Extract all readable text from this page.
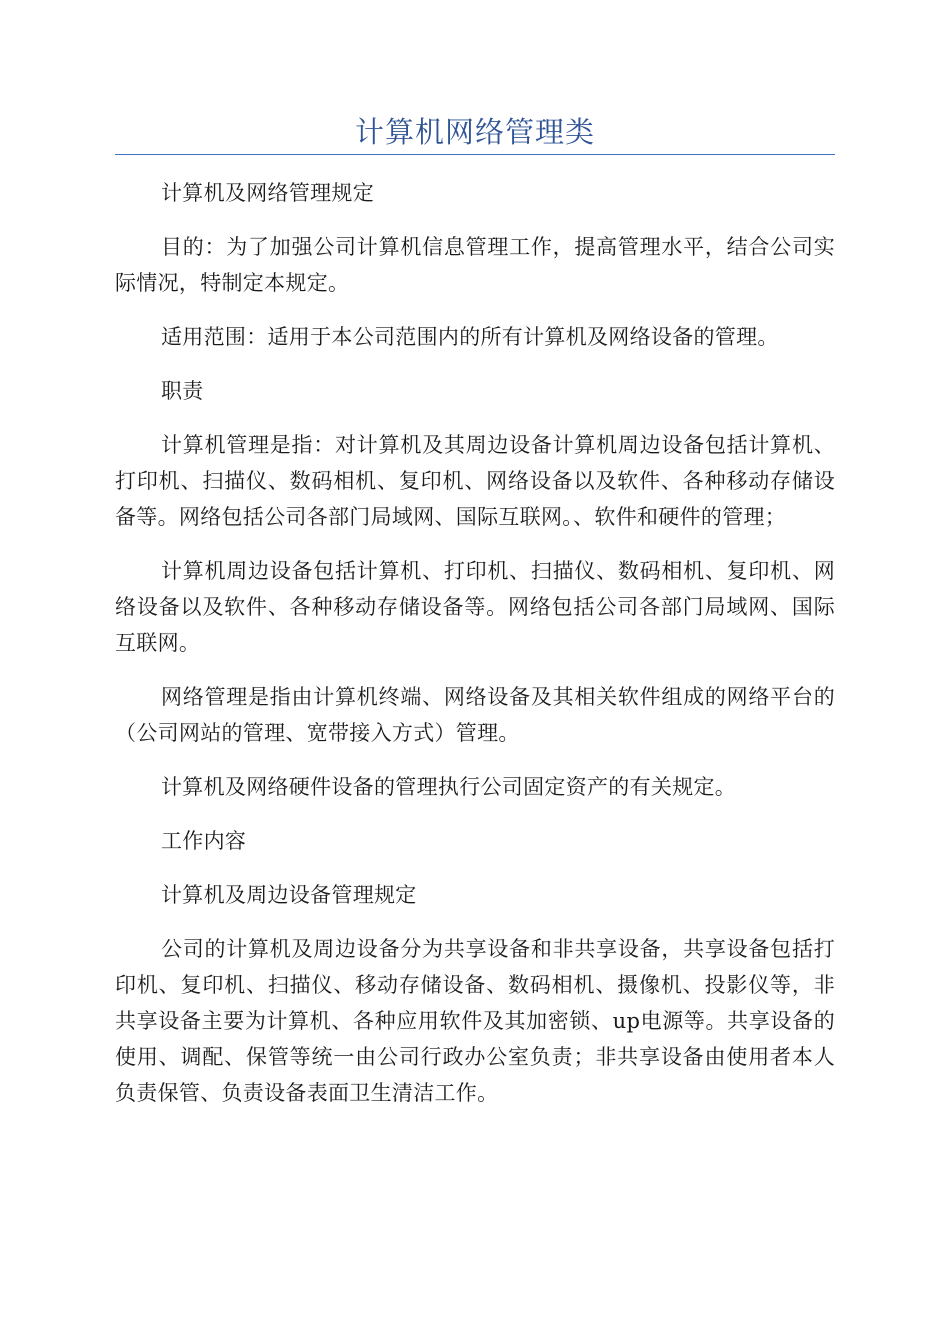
计算机网络管理类

计算机及网络管理规定

目的：为了加强公司计算机信息管理工作，提高管理水平，结合公司实际情况，特制定本规定。

适用范围：适用于本公司范围内的所有计算机及网络设备的管理。

职责

计算机管理是指：对计算机及其周边设备计算机周边设备包括计算机、打印机、扫描仪、数码相机、复印机、网络设备以及软件、各种移动存储设备等。网络包括公司各部门局域网、国际互联网。、软件和硬件的管理；

计算机周边设备包括计算机、打印机、扫描仪、数码相机、复印机、网络设备以及软件、各种移动存储设备等。网络包括公司各部门局域网、国际互联网。

网络管理是指由计算机终端、网络设备及其相关软件组成的网络平台的（公司网站的管理、宽带接入方式）管理。

计算机及网络硬件设备的管理执行公司固定资产的有关规定。

工作内容

计算机及周边设备管理规定

公司的计算机及周边设备分为共享设备和非共享设备，共享设备包括打印机、复印机、扫描仪、移动存储设备、数码相机、摄像机、投影仪等，非共享设备主要为计算机、各种应用软件及其加密锁、up电源等。共享设备的使用、调配、保管等统一由公司行政办公室负责；非共享设备由使用者本人负责保管、负责设备表面卫生清洁工作。
